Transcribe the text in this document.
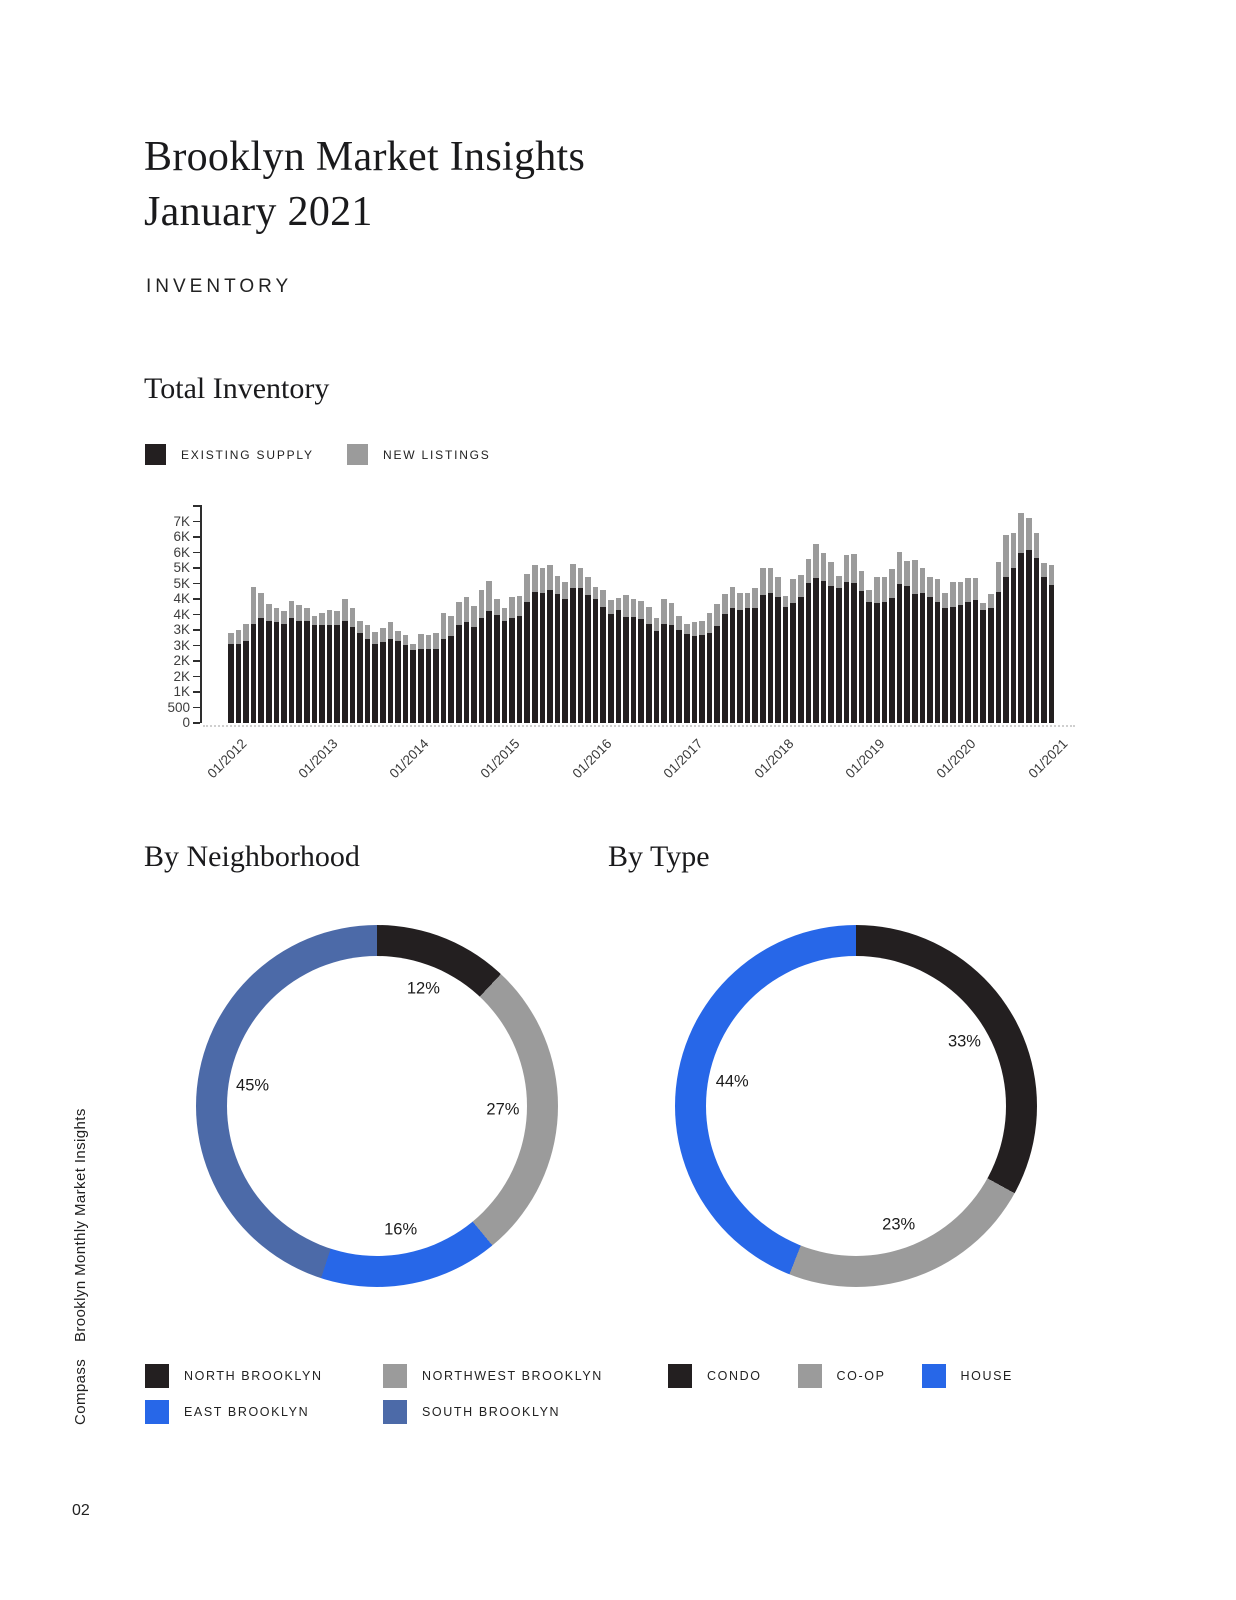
Brooklyn Monthly Market Insights
Compass
02
Brooklyn Market Insights
January 2021
INVENTORY
Total Inventory
EXISTING SUPPLY	NEW LISTINGS
0
500
1K
2K
2K
3K
3K
4K
4K
5K
5K
6K
6K
7K
01/2012	01/2013	01/2014	01/2015	01/2016	01/2017	01/2018	01/2019	01/2020	01/2021
By Neighborhood	By Type
12%
27%
16%
45%
33%
23%
44%
NORTH BROOKLYN	NORTHWEST BROOKLYN
EAST BROOKLYN	SOUTH BROOKLYN
CONDO	CO-OP	HOUSE
